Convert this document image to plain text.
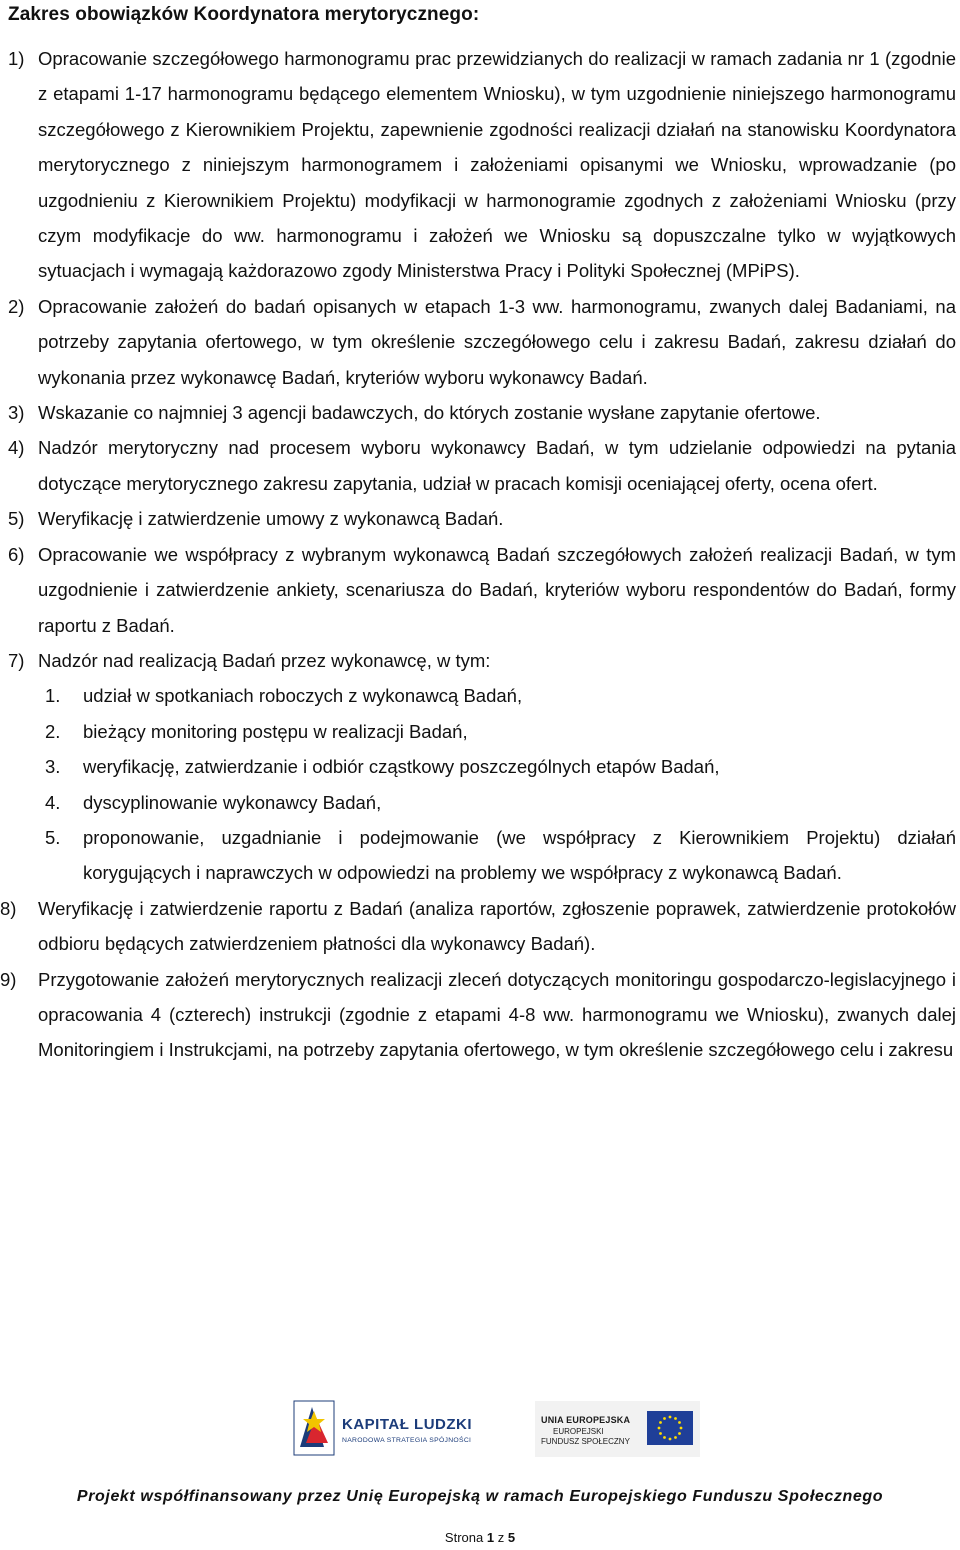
Zakres obowiązków Koordynatora merytorycznego:
1) Opracowanie szczegółowego harmonogramu prac przewidzianych do realizacji w ramach zadania nr 1 (zgodnie z etapami 1-17 harmonogramu będącego elementem Wniosku), w tym uzgodnienie niniejszego harmonogramu szczegółowego z Kierownikiem Projektu, zapewnienie zgodności realizacji działań na stanowisku Koordynatora merytorycznego z niniejszym harmonogramem i założeniami opisanymi we Wniosku, wprowadzanie (po uzgodnieniu z Kierownikiem Projektu) modyfikacji w harmonogramie zgodnych z założeniami Wniosku (przy czym modyfikacje do ww. harmonogramu i założeń we Wniosku są dopuszczalne tylko w wyjątkowych sytuacjach i wymagają każdorazowo zgody Ministerstwa Pracy i Polityki Społecznej (MPiPS).
2) Opracowanie założeń do badań opisanych w etapach 1-3 ww. harmonogramu, zwanych dalej Badaniami, na potrzeby zapytania ofertowego, w tym określenie szczegółowego celu i zakresu Badań, zakresu działań do wykonania przez wykonawcę Badań, kryteriów wyboru wykonawcy Badań.
3) Wskazanie co najmniej 3 agencji badawczych, do których zostanie wysłane zapytanie ofertowe.
4) Nadzór merytoryczny nad procesem wyboru wykonawcy Badań, w tym udzielanie odpowiedzi na pytania dotyczące merytorycznego zakresu zapytania, udział w pracach komisji oceniającej oferty, ocena ofert.
5) Weryfikację i zatwierdzenie umowy z wykonawcą Badań.
6) Opracowanie we współpracy z wybranym wykonawcą Badań szczegółowych założeń realizacji Badań, w tym uzgodnienie i zatwierdzenie ankiety, scenariusza do Badań, kryteriów wyboru respondentów do Badań, formy raportu z Badań.
7) Nadzór nad realizacją Badań przez wykonawcę, w tym:
1.	udział w spotkaniach roboczych z wykonawcą Badań,
2.	bieżący monitoring postępu w realizacji Badań,
3.	weryfikację, zatwierdzanie i odbiór cząstkowy poszczególnych etapów Badań,
4.	dyscyplinowanie wykonawcy Badań,
5.	proponowanie, uzgadnianie i podejmowanie (we współpracy z Kierownikiem Projektu) działań korygujących i naprawczych w odpowiedzi na problemy we współpracy z wykonawcą Badań.
8)	Weryfikację i zatwierdzenie raportu z Badań (analiza raportów, zgłoszenie poprawek, zatwierdzenie protokołów odbioru będących zatwierdzeniem płatności dla wykonawcy Badań).
9)	Przygotowanie założeń merytorycznych realizacji zleceń dotyczących monitoringu gospodarczo-legislacyjnego i opracowania 4 (czterech) instrukcji (zgodnie z etapami 4-8 ww. harmonogramu we Wniosku), zwanych dalej Monitoringiem i Instrukcjami, na potrzeby zapytania ofertowego, w tym określenie szczegółowego celu i zakresu
KAPITAŁ LUDZKI
NARODOWA STRATEGIA SPÓJNOŚCI
UNIA EUROPEJSKA
EUROPEJSKI
FUNDUSZ SPOŁECZNY
Projekt współfinansowany przez Unię Europejską w ramach Europejskiego Funduszu Społecznego
Strona 1 z 5
